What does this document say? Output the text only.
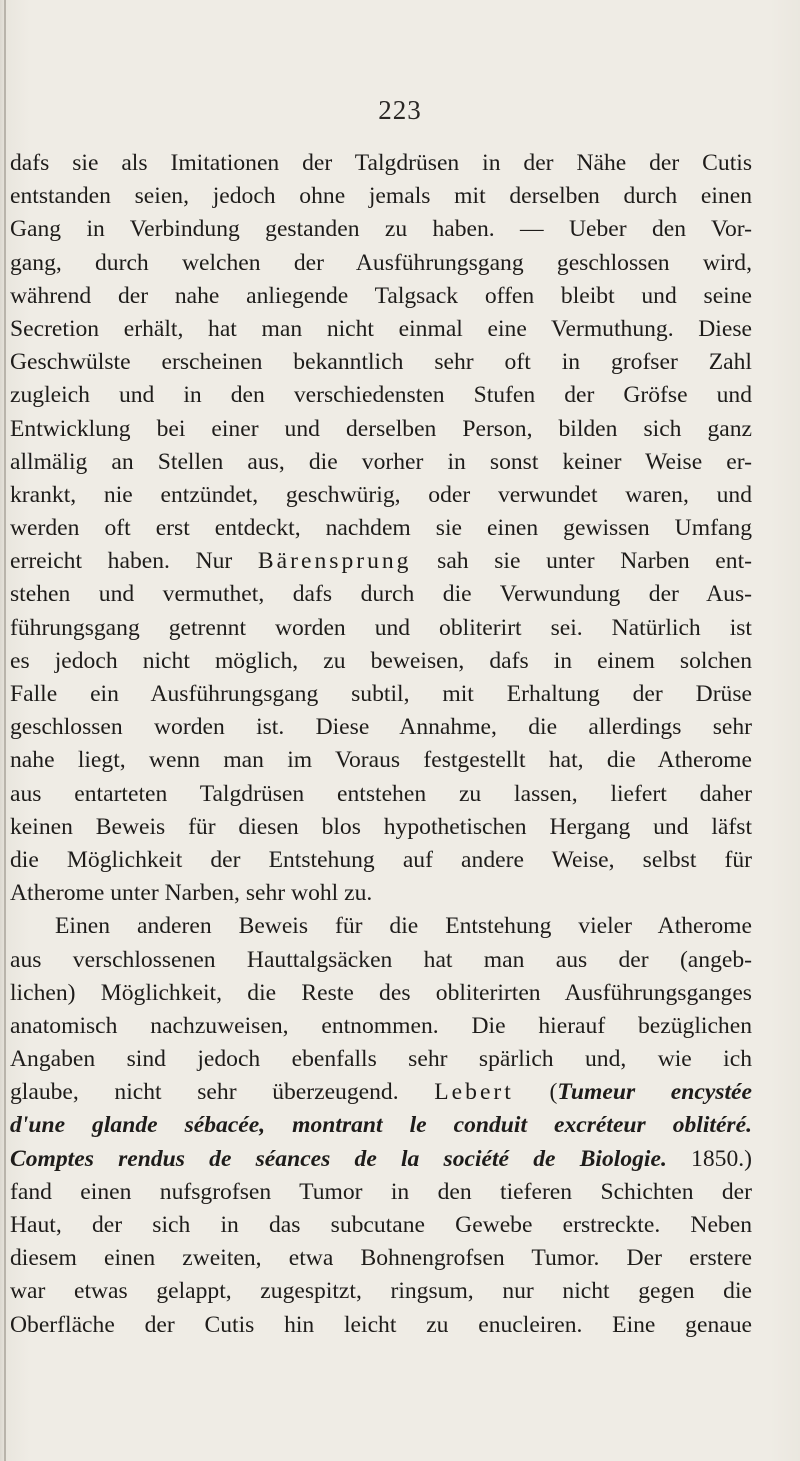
223
dafs sie als Imitationen der Talgdrüsen in der Nähe der Cutis
entstanden seien, jedoch ohne jemals mit derselben durch einen
Gang in Verbindung gestanden zu haben. — Ueber den Vor-
gang, durch welchen der Ausführungsgang geschlossen wird,
während der nahe anliegende Talgsack offen bleibt und seine
Secretion erhält, hat man nicht einmal eine Vermuthung. Diese
Geschwülste erscheinen bekanntlich sehr oft in grofser Zahl
zugleich und in den verschiedensten Stufen der Gröfse und
Entwicklung bei einer und derselben Person, bilden sich ganz
allmälig an Stellen aus, die vorher in sonst keiner Weise er-
krankt, nie entzündet, geschwürig, oder verwundet waren, und
werden oft erst entdeckt, nachdem sie einen gewissen Umfang
erreicht haben. Nur Bärensprung sah sie unter Narben ent-
stehen und vermuthet, dafs durch die Verwundung der Aus-
führungsgang getrennt worden und obliterirt sei. Natürlich ist
es jedoch nicht möglich, zu beweisen, dafs in einem solchen
Falle ein Ausführungsgang subtil, mit Erhaltung der Drüse
geschlossen worden ist. Diese Annahme, die allerdings sehr
nahe liegt, wenn man im Voraus festgestellt hat, die Atherome
aus entarteten Talgdrüsen entstehen zu lassen, liefert daher
keinen Beweis für diesen blos hypothetischen Hergang und läfst
die Möglichkeit der Entstehung auf andere Weise, selbst für
Atherome unter Narben, sehr wohl zu.
Einen anderen Beweis für die Entstehung vieler Atherome
aus verschlossenen Hauttalgsäcken hat man aus der (angeb-
lichen) Möglichkeit, die Reste des obliterirten Ausführungsganges
anatomisch nachzuweisen, entnommen. Die hierauf bezüglichen
Angaben sind jedoch ebenfalls sehr spärlich und, wie ich
glaube, nicht sehr überzeugend. Lebert (Tumeur encystée
d'une glande sébacée, montrant le conduit excréteur oblitéré.
Comptes rendus de séances de la société de Biologie. 1850.)
fand einen nufsgrofsen Tumor in den tieferen Schichten der
Haut, der sich in das subcutane Gewebe erstreckte. Neben
diesem einen zweiten, etwa Bohnengrofsen Tumor. Der erstere
war etwas gelappt, zugespitzt, ringsum, nur nicht gegen die
Oberfläche der Cutis hin leicht zu enucleiren. Eine genaue
